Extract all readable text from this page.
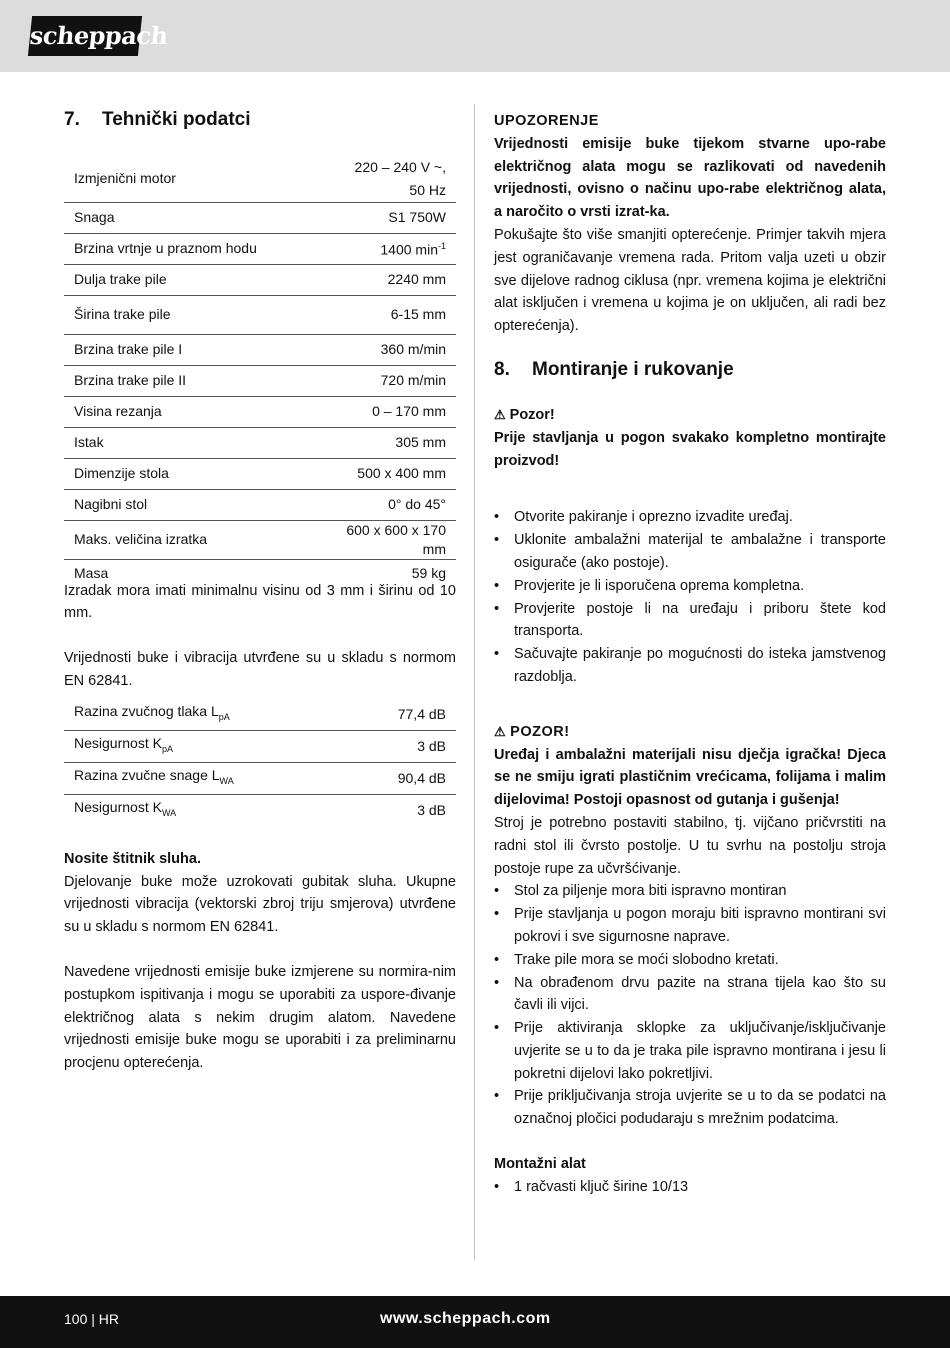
scheppach
7. Tehnički podatci
Izmjenični motor	220 – 240 V ~, 50 Hz
Snaga	S1 750W
Brzina vrtnje u praznom hodu	1400 $\min^{-1}$
Dulja trake pile	2240 mm
Širina trake pile	6-15 mm
Brzina trake pile I	360 m/min
Brzina trake pile II	720 m/min
Visina rezanja	0 – 170 mm
Istak	305 mm
Dimenzije stola	500 x 400 mm
Nagibni stol	0° do 45°
Maks. veličina izratka	600 x 600 x 170 mm
Masa	59 kg

Izradak mora imati minimalnu visinu od 3 mm i širinu od 10 mm.

Vrijednosti buke i vibracija utvrđene su u skladu s normom EN 62841.

Razina zvučnog tlaka $L_{pA}$	77,4 dB
Nesigurnost $K_{pA}$	3 dB
Razina zvučne snage $L_{WA}$	90,4 dB
Nesigurnost $K_{WA}$	3 dB

Nosite štitnik sluha.

Djelovanje buke može uzrokovati gubitak sluha. Ukupne vrijednosti vibracija (vektorski zbroj triju smjerova) utvrđene su u skladu s normom EN 62841.

Navedene vrijednosti emisije buke izmjerene su normira-nim postupkom ispitivanja i mogu se uporabiti za uspore-đivanje električnog alata s nekim drugim alatom. Navedene vrijednosti emisije buke mogu se uporabiti i za preliminarnu procjenu opterećenja.

UPOZORENJE

Vrijednosti emisije buke tijekom stvarne upo-rabe električnog alata mogu se razlikovati od navedenih vrijednosti, ovisno o načinu upo-rabe električnog alata, a naročito o vrsti izrat-ka.

Pokušajte što više smanjiti opterećenje. Primjer takvih mjera jest ograničavanje vremena rada. Pritom valja uzeti u obzir sve dijelove radnog ciklusa (npr. vremena kojima je električni alat isključen i vremena u kojima je on uključen, ali radi bez opterećenja).

8. Montiranje i rukovanje

⚠ Pozor!

Prije stavljanja u pogon svakako kompletno montirajte proizvod!

• Otvorite pakiranje i oprezno izvadite uređaj.
• Uklonite ambalažni materijal te ambalažne i transporte osigurače (ako postoje).
• Provjerite je li isporučena oprema kompletna.
• Provjerite postoje li na uređaju i priboru štete kod transporta.
• Sačuvajte pakiranje po mogućnosti do isteka jamstvenog razdoblja.

⚠ POZOR!

Uređaj i ambalažni materijali nisu dječja igračka! Djeca se ne smiju igrati plastičnim vrećicama, folijama i malim dijelovima! Postoji opasnost od gutanja i gušenja!

Stroj je potrebno postaviti stabilno, tj. vijčano pričvrstiti na radni stol ili čvrsto postolje. U tu svrhu na postolju stroja postoje rupe za učvršćivanje.

• Stol za piljenje mora biti ispravno montiran
• Prije stavljanja u pogon moraju biti ispravno montirani svi pokrovi i sve sigurnosne naprave.
• Trake pile mora se moći slobodno kretati.
• Na obrađenom drvu pazite na strana tijela kao što su čavli ili vijci.
• Prije aktiviranja sklopke za uključivanje/isključivanje uvjerite se u to da je traka pile ispravno montirana i jesu li pokretni dijelovi lako pokretljivi.
• Prije priključivanja stroja uvjerite se u to da se podatci na označnoj pločici podudaraju s mrežnim podatcima.

Montažni alat

• 1 račvasti ključ širine 10/13
100 | HR	www.scheppach.com
